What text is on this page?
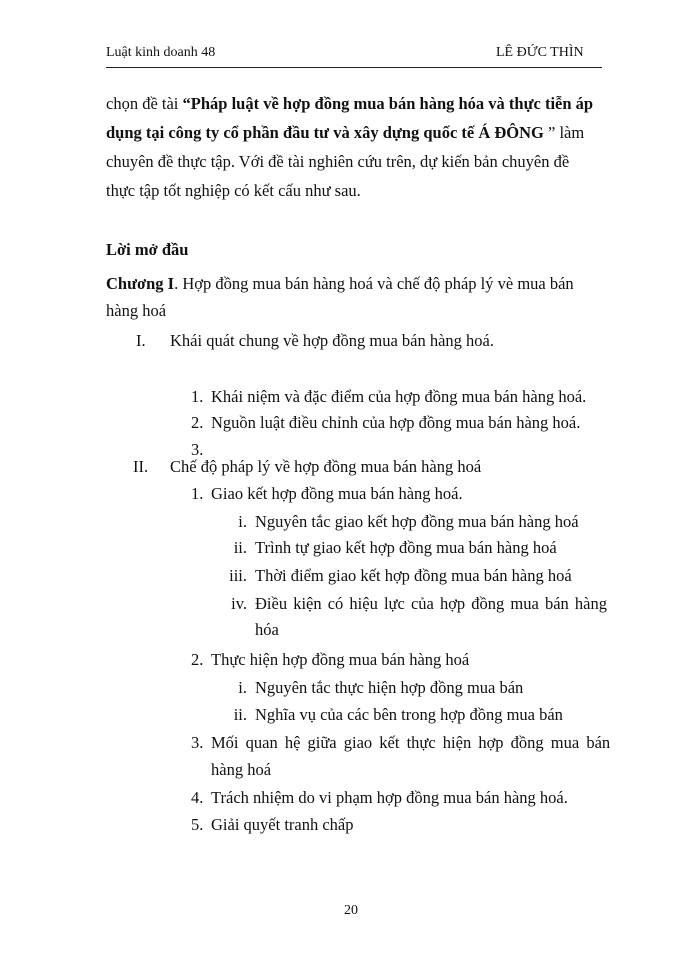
Luật kinh doanh 48	LÊ ĐỨC THÌN
chọn đề tài “Pháp luật về hợp đồng mua bán hàng hóa và thực tiễn áp
dụng tại công ty cổ phần đầu tư và xây dựng quốc tế Á ĐÔNG ” làm
chuyên đề thực tập. Với đề tài nghiên cứu trên, dự kiến bản chuyên đề
thực tập tốt nghiệp có kết cấu như sau.
Lời mở đầu
Chương I. Hợp đồng mua bán hàng hoá và chế độ pháp lý vè mua bán
hàng hoá
I. Khái quát chung về hợp đồng mua bán hàng hoá.
1. Khái niệm và đặc điểm của hợp đồng mua bán hàng hoá.
2. Nguồn luật điều chỉnh của hợp đồng mua bán hàng hoá.
3.
II. Chế độ pháp lý về hợp đồng mua bán hàng hoá
1. Giao kết hợp đồng mua bán hàng hoá.
i. Nguyên tắc giao kết hợp đồng mua bán hàng hoá
ii. Trình tự giao kết hợp đồng mua bán hàng hoá
iii. Thời điểm giao kết hợp đồng mua bán hàng hoá
iv. Điều kiện có hiệu lực của hợp đồng mua bán hàng
hóa
2. Thực hiện hợp đồng mua bán hàng hoá
i. Nguyên tắc thực hiện hợp đồng mua bán
ii. Nghĩa vụ của các bên trong hợp đồng mua bán
3. Mối quan hệ giữa giao kết thực hiện hợp đồng mua bán
hàng hoá
4. Trách nhiệm do vi phạm hợp đồng mua bán hàng hoá.
5. Giải quyết tranh chấp
20
